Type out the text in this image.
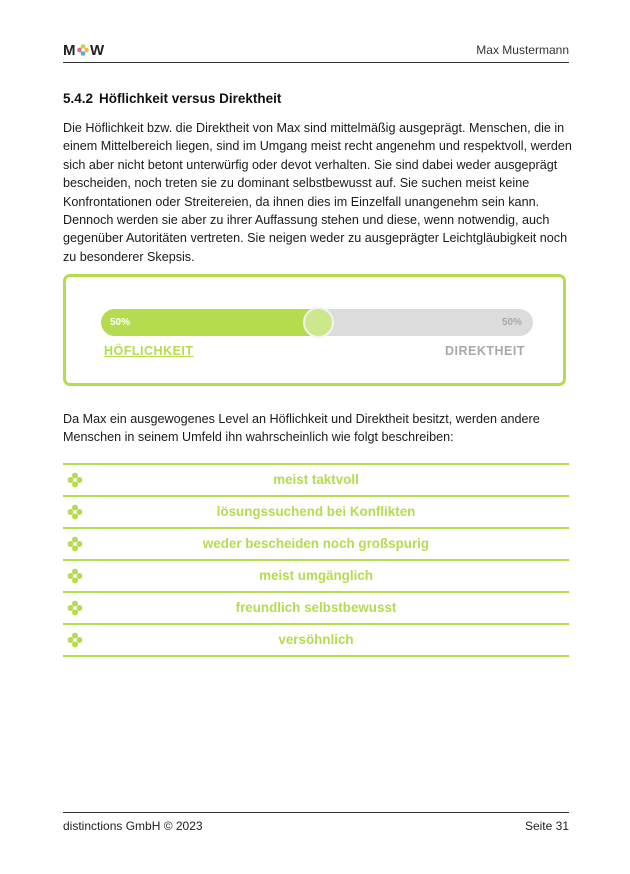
M W	Max Mustermann
5.4.2 Höflichkeit versus Direktheit

Die Höflichkeit bzw. die Direktheit von Max sind mittelmäßig ausgeprägt. Menschen, die in einem Mittelbereich liegen, sind im Umgang meist recht angenehm und respektvoll, werden sich aber nicht betont unterwürfig oder devot verhalten. Sie sind dabei weder ausgeprägt bescheiden, noch treten sie zu dominant selbstbewusst auf. Sie suchen meist keine Konfrontationen oder Streitereien, da ihnen dies im Einzelfall unangenehm sein kann. Dennoch werden sie aber zu ihrer Auffassung stehen und diese, wenn notwendig, auch gegenüber Autoritäten vertreten. Sie neigen weder zu ausgeprägter Leichtgläubigkeit noch zu besonderer Skepsis.

50%	50%
HÖFLICHKEIT	DIREKTHEIT

Da Max ein ausgewogenes Level an Höflichkeit und Direktheit besitzt, werden andere Menschen in seinem Umfeld ihn wahrscheinlich wie folgt beschreiben:

meist taktvoll
lösungssuchend bei Konflikten
weder bescheiden noch großspurig
meist umgänglich
freundlich selbstbewusst
versöhnlich
distinctions GmbH © 2023	Seite 31
